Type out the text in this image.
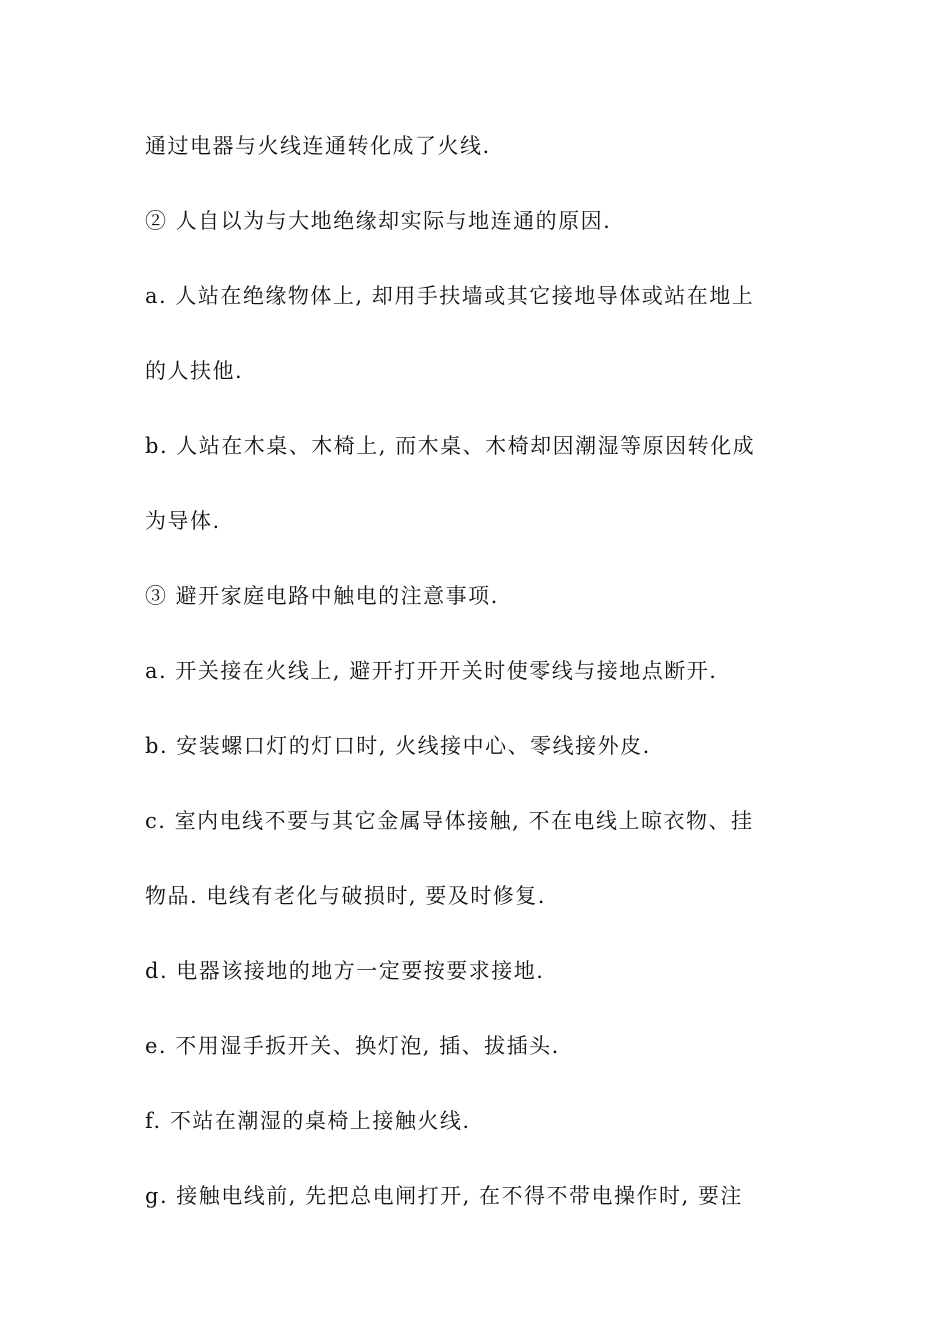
通过电器与火线连通转化成了火线.
② 人自以为与大地绝缘却实际与地连通的原因.
a. 人站在绝缘物体上, 却用手扶墙或其它接地导体或站在地上
的人扶他.
b. 人站在木桌、木椅上, 而木桌、木椅却因潮湿等原因转化成
为导体.
③ 避开家庭电路中触电的注意事项.
a. 开关接在火线上, 避开打开开关时使零线与接地点断开.
b. 安装螺口灯的灯口时, 火线接中心、零线接外皮.
c. 室内电线不要与其它金属导体接触, 不在电线上晾衣物、挂
物品. 电线有老化与破损时, 要及时修复.
d. 电器该接地的地方一定要按要求接地.
e. 不用湿手扳开关、换灯泡, 插、拔插头.
f. 不站在潮湿的桌椅上接触火线.
g. 接触电线前, 先把总电闸打开, 在不得不带电操作时, 要注
